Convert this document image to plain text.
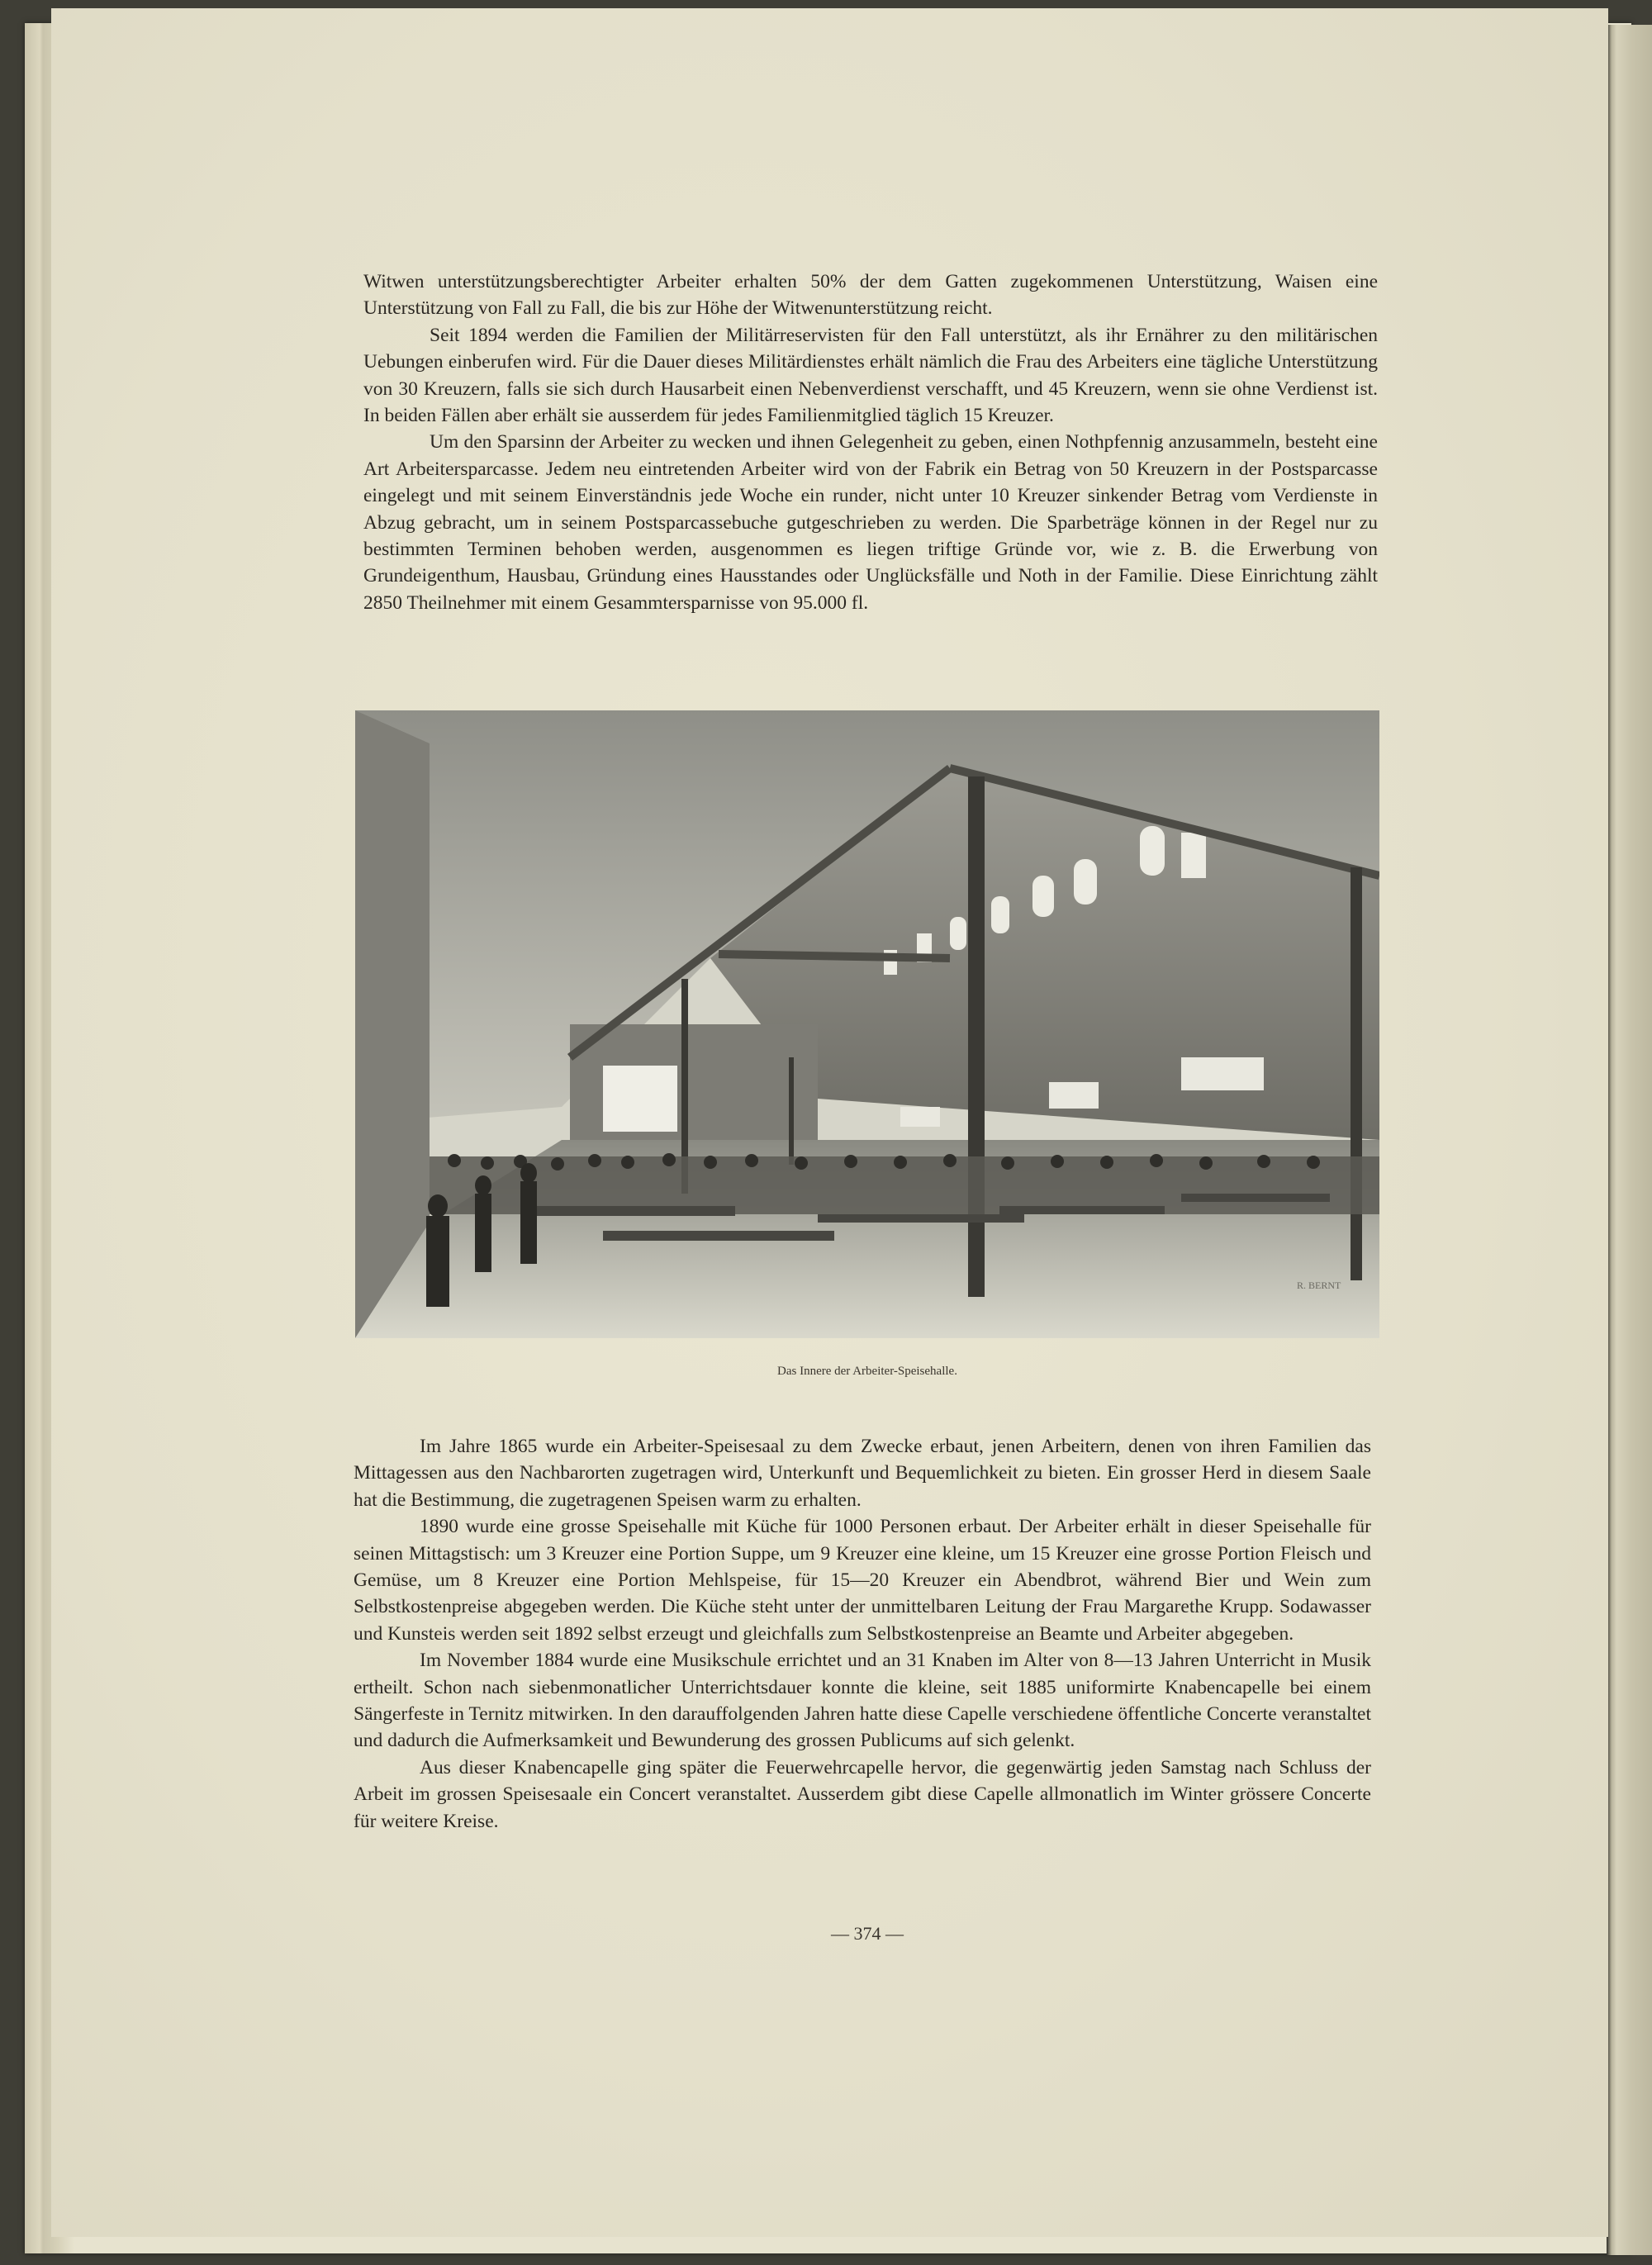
Witwen unterstützungsberechtigter Arbeiter erhalten 50% der dem Gatten zugekommenen Unterstützung, Waisen eine Unterstützung von Fall zu Fall, die bis zur Höhe der Witwenunterstützung reicht.

Seit 1894 werden die Familien der Militärreservisten für den Fall unterstützt, als ihr Ernährer zu den militärischen Uebungen einberufen wird. Für die Dauer dieses Militärdienstes erhält nämlich die Frau des Arbeiters eine tägliche Unterstützung von 30 Kreuzern, falls sie sich durch Hausarbeit einen Nebenverdienst verschafft, und 45 Kreuzern, wenn sie ohne Verdienst ist. In beiden Fällen aber erhält sie ausserdem für jedes Familienmitglied täglich 15 Kreuzer.

Um den Sparsinn der Arbeiter zu wecken und ihnen Gelegenheit zu geben, einen Nothpfennig anzusammeln, besteht eine Art Arbeitersparcasse. Jedem neu eintretenden Arbeiter wird von der Fabrik ein Betrag von 50 Kreuzern in der Postsparcasse eingelegt und mit seinem Einverständnis jede Woche ein runder, nicht unter 10 Kreuzer sinkender Betrag vom Verdienste in Abzug gebracht, um in seinem Postsparcassebuche gutgeschrieben zu werden. Die Sparbeträge können in der Regel nur zu bestimmten Terminen behoben werden, ausgenommen es liegen triftige Gründe vor, wie z. B. die Erwerbung von Grundeigenthum, Hausbau, Gründung eines Hausstandes oder Unglücksfälle und Noth in der Familie. Diese Einrichtung zählt 2850 Theilnehmer mit einem Gesammtersparnisse von 95.000 fl.

R. BERNT
Das Innere der Arbeiter-Speisehalle.

Im Jahre 1865 wurde ein Arbeiter-Speisesaal zu dem Zwecke erbaut, jenen Arbeitern, denen von ihren Familien das Mittagessen aus den Nachbarorten zugetragen wird, Unterkunft und Bequemlichkeit zu bieten. Ein grosser Herd in diesem Saale hat die Bestimmung, die zugetragenen Speisen warm zu erhalten.

1890 wurde eine grosse Speisehalle mit Küche für 1000 Personen erbaut. Der Arbeiter erhält in dieser Speisehalle für seinen Mittagstisch: um 3 Kreuzer eine Portion Suppe, um 9 Kreuzer eine kleine, um 15 Kreuzer eine grosse Portion Fleisch und Gemüse, um 8 Kreuzer eine Portion Mehlspeise, für 15—20 Kreuzer ein Abendbrot, während Bier und Wein zum Selbstkostenpreise abgegeben werden. Die Küche steht unter der unmittelbaren Leitung der Frau Margarethe Krupp. Sodawasser und Kunsteis werden seit 1892 selbst erzeugt und gleichfalls zum Selbstkostenpreise an Beamte und Arbeiter abgegeben.

Im November 1884 wurde eine Musikschule errichtet und an 31 Knaben im Alter von 8—13 Jahren Unterricht in Musik ertheilt. Schon nach siebenmonatlicher Unterrichtsdauer konnte die kleine, seit 1885 uniformirte Knabencapelle bei einem Sängerfeste in Ternitz mitwirken. In den darauffolgenden Jahren hatte diese Capelle verschiedene öffentliche Concerte veranstaltet und dadurch die Aufmerksamkeit und Bewunderung des grossen Publicums auf sich gelenkt.

Aus dieser Knabencapelle ging später die Feuerwehrcapelle hervor, die gegenwärtig jeden Samstag nach Schluss der Arbeit im grossen Speisesaale ein Concert veranstaltet. Ausserdem gibt diese Capelle allmonatlich im Winter grössere Concerte für weitere Kreise.

— 374 —
